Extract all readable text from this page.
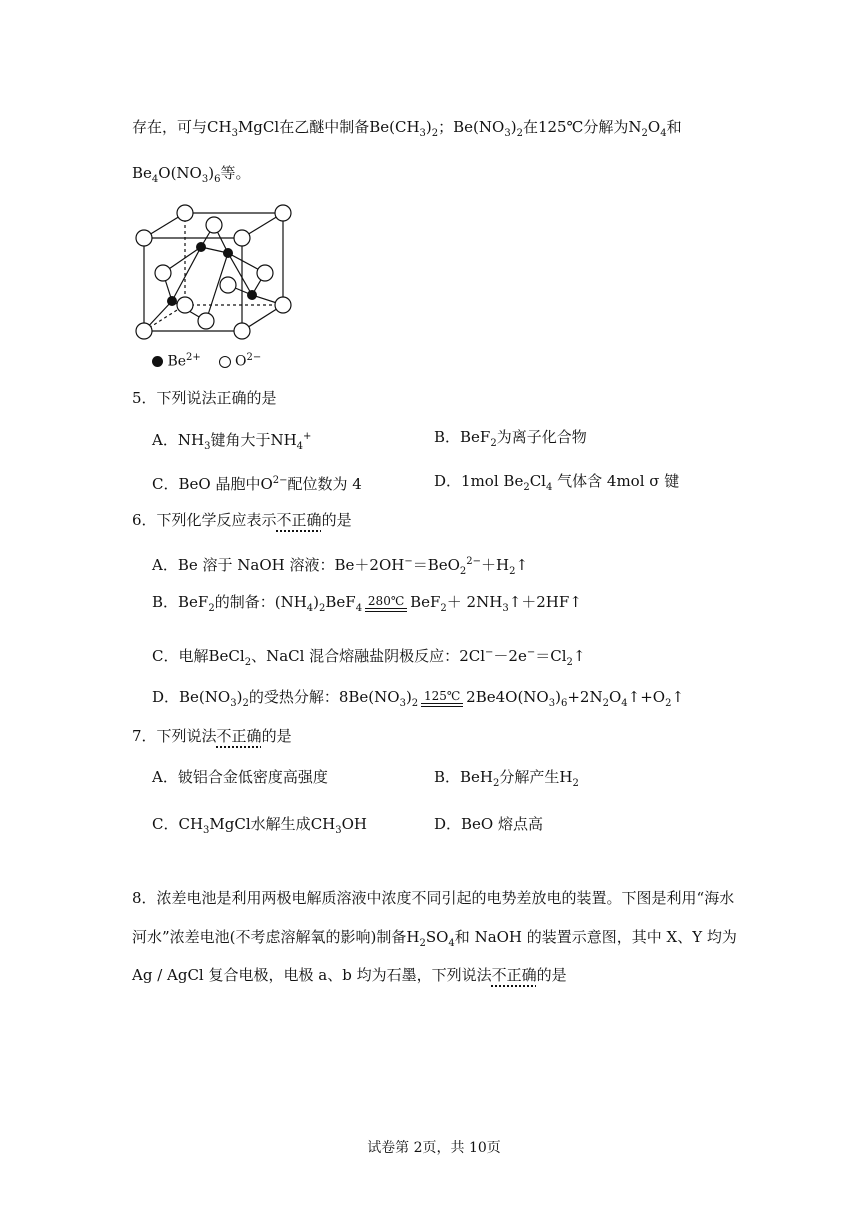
存在，可与$CH_3MgCl$在乙醚中制备$Be(CH_3)_2$；$Be(NO_3)_2$在125℃分解为$N_2O_4$和
$Be_4O(NO_3)_6$等。
$Be^{2+}$ $O^{2-}$
5．下列说法正确的是
A．$NH_3$键角大于$NH_4^+$	B．BeF$_2$为离子化合物
C．BeO 晶胞中$O^{2-}$配位数为 4	D．1mol $Be_2Cl_4$ 气体含 4mol σ 键
6．下列化学反应表示不正确的是
A．Be 溶于 NaOH 溶液：$Be+2OH^-=BeO_2^{2-}+H_2↑$
B．BeF$_2$的制备：$(NH_4)_2BeF_4$
280℃ $BeF_2+ 2NH_3↑+2HF↑$
C．电解BeCl$_2$、NaCl 混合熔融盐阴极反应：$2Cl^--2e^-=Cl_2↑$
D．$Be(NO_3)_2$的受热分解：$8Be(NO_3)_2$
125℃ $2Be4O(NO_3)_6+2N_2O_4↑+O_2↑$
7．下列说法不正确的是
A．铍铝合金低密度高强度	B．BeH$_2$分解产生$H_2$
C．$CH_3MgCl$水解生成$CH_3OH$	D．BeO 熔点高
8．浓差电池是利用两极电解质溶液中浓度不同引起的电势差放电的装置。下图是利用“海水
河水”浓差电池(不考虑溶解氧的影响)制备$H_2SO_4$和 NaOH 的装置示意图，其中 X、Y 均为
Ag / AgCl 复合电极，电极 a、b 均为石墨，下列说法不正确的是
试卷第 2页，共 10页
